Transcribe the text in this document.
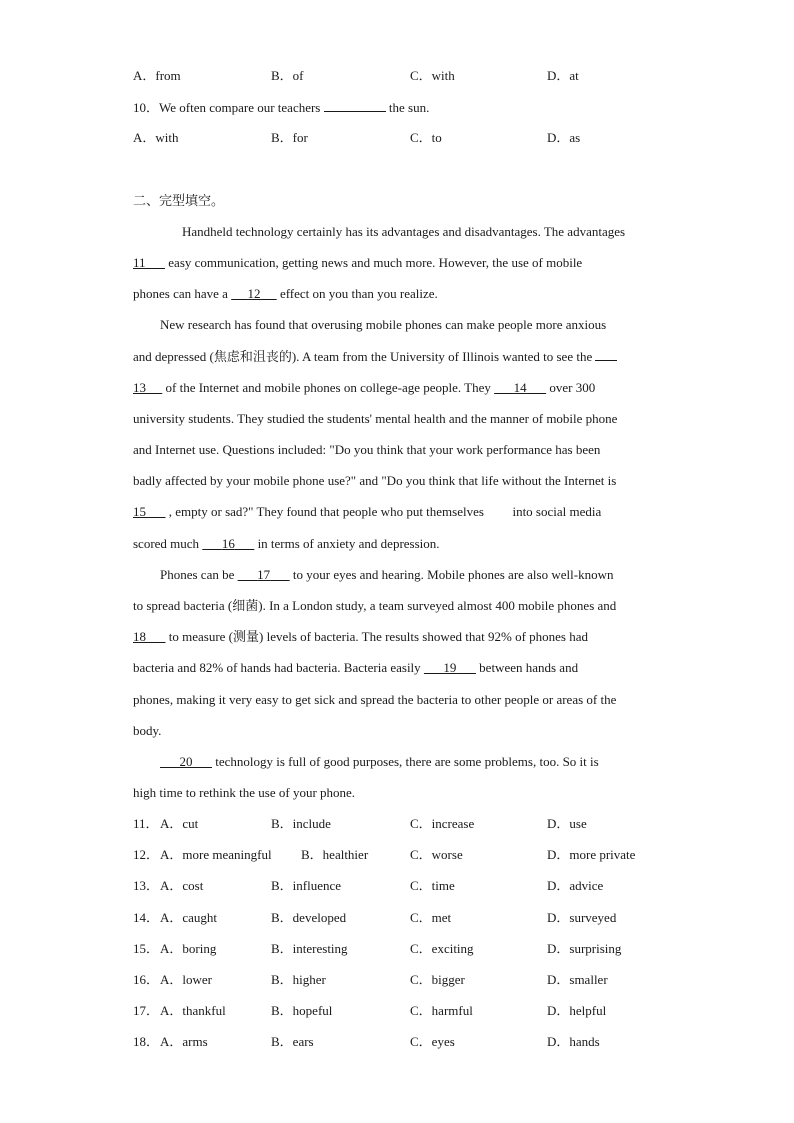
A．from	B．of	C．with	D．at
10．We often compare our teachers	the sun.
A．with	B．for	C．to	D．as
二、完型填空。
Handheld technology certainly has its advantages and disadvantages. The advantages
11 easy communication, getting news and much more. However, the use of mobile
phones can have a 12 effect on you than you realize.
New research has found that overusing mobile phones can make people more anxious
and depressed (焦虑和沮丧的). A team from the University of Illinois wanted to see the
13 of the Internet and mobile phones on college-age people. They 14 over 300
university students. They studied the students' mental health and the manner of mobile phone
and Internet use. Questions included: "Do you think that your work performance has been
badly affected by your mobile phone use?" and "Do you think that life without the Internet is
15 , empty or sad?" They found that people who put themselves into social media
scored much 16 in terms of anxiety and depression.
Phones can be 17 to your eyes and hearing. Mobile phones are also well-known
to spread bacteria (细菌). In a London study, a team surveyed almost 400 mobile phones and
18 to measure (测量) levels of bacteria. The results showed that 92% of phones had
bacteria and 82% of hands had bacteria. Bacteria easily 19 between hands and
phones, making it very easy to get sick and spread the bacteria to other people or areas of the
body.
20 technology is full of good purposes, there are some problems, too. So it is
high time to rethink the use of your phone.
11． A．cut	B．include	C．increase	D．use
12． A．more meaningful B．healthier	C．worse	D．more private
13． A．cost	B．influence	C．time	D．advice
14． A．caught	B．developed	C．met	D．surveyed
15． A．boring	B．interesting	C．exciting	D．surprising
16． A．lower	B．higher	C．bigger	D．smaller
17． A．thankful	B．hopeful	C．harmful	D．helpful
18． A．arms	B．ears	C．eyes	D．hands
